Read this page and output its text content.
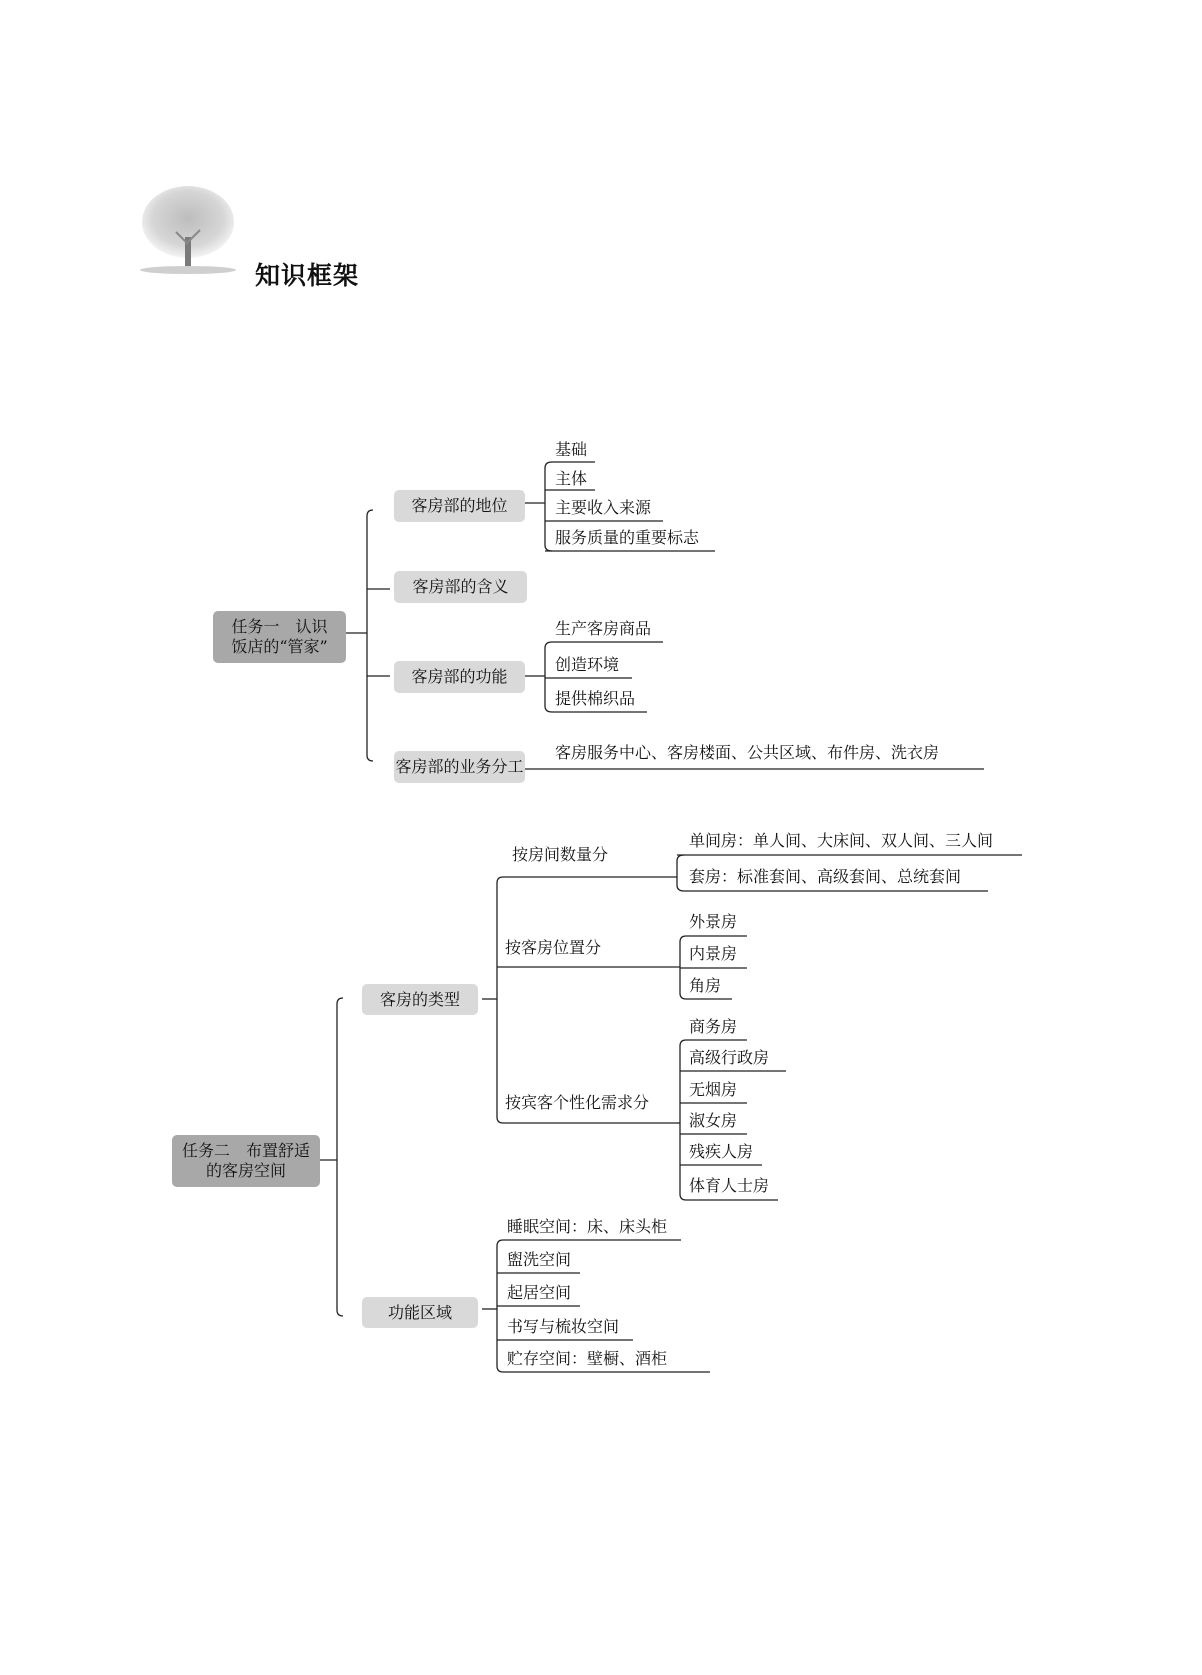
知识框架
任务一　认识
饭店的“管家”
客房部的地位
客房部的含义
客房部的功能
客房部的业务分工
基础
主体
主要收入来源
服务质量的重要标志
生产客房商品
创造环境
提供棉织品
客房服务中心、客房楼面、公共区域、布件房、洗衣房
任务二　布置舒适
的客房空间
客房的类型
功能区域
按房间数量分
按客房位置分
按宾客个性化需求分
单间房：单人间、大床间、双人间、三人间
套房：标准套间、高级套间、总统套间
外景房
内景房
角房
商务房
高级行政房
无烟房
淑女房
残疾人房
体育人士房
睡眠空间：床、床头柜
盥洗空间
起居空间
书写与梳妆空间
贮存空间：壁橱、酒柜
